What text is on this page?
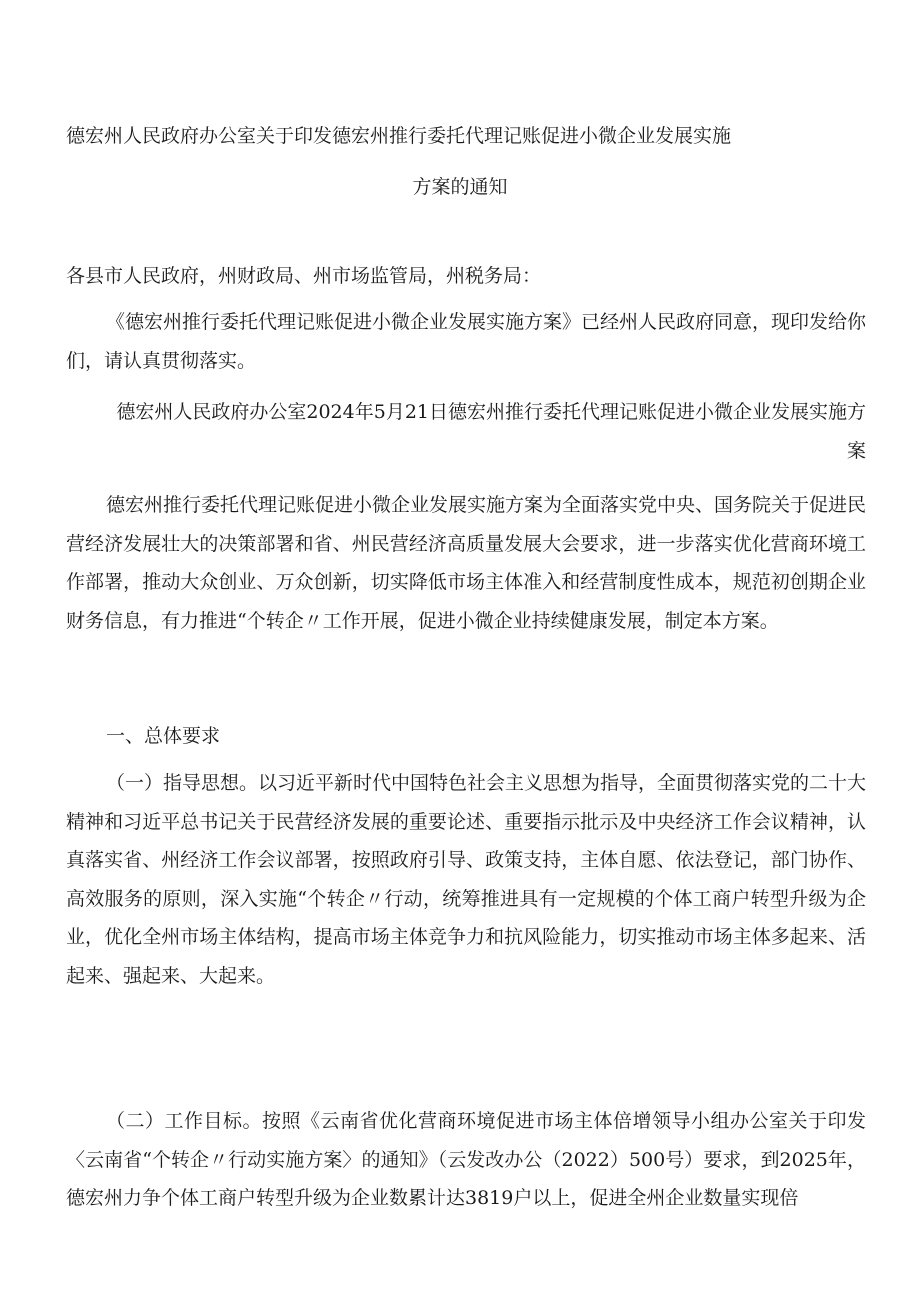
德宏州人民政府办公室关于印发德宏州推行委托代理记账促进小微企业发展实施
方案的通知
各县市人民政府，州财政局、州市场监管局，州税务局：
《德宏州推行委托代理记账促进小微企业发展实施方案》已经州人民政府同意，现印发给你们，请认真贯彻落实。
德宏州人民政府办公室2024年5月21日德宏州推行委托代理记账促进小微企业发展实施方案
德宏州推行委托代理记账促进小微企业发展实施方案为全面落实党中央、国务院关于促进民营经济发展壮大的决策部署和省、州民营经济高质量发展大会要求，进一步落实优化营商环境工作部署，推动大众创业、万众创新，切实降低市场主体准入和经营制度性成本，规范初创期企业财务信息，有力推进“个转企〃工作开展，促进小微企业持续健康发展，制定本方案。
一、总体要求
（一）指导思想。以习近平新时代中国特色社会主义思想为指导，全面贯彻落实党的二十大精神和习近平总书记关于民营经济发展的重要论述、重要指示批示及中央经济工作会议精神，认真落实省、州经济工作会议部署，按照政府引导、政策支持，主体自愿、依法登记，部门协作、高效服务的原则，深入实施“个转企〃行动，统筹推进具有一定规模的个体工商户转型升级为企业，优化全州市场主体结构，提高市场主体竞争力和抗风险能力，切实推动市场主体多起来、活起来、强起来、大起来。
（二）工作目标。按照《云南省优化营商环境促进市场主体倍增领导小组办公室关于印发〈云南省“个转企〃行动实施方案〉的通知》（云发改办公（2022）500号）要求，到2025年，德宏州力争个体工商户转型升级为企业数累计达3819户以上，促进全州企业数量实现倍
